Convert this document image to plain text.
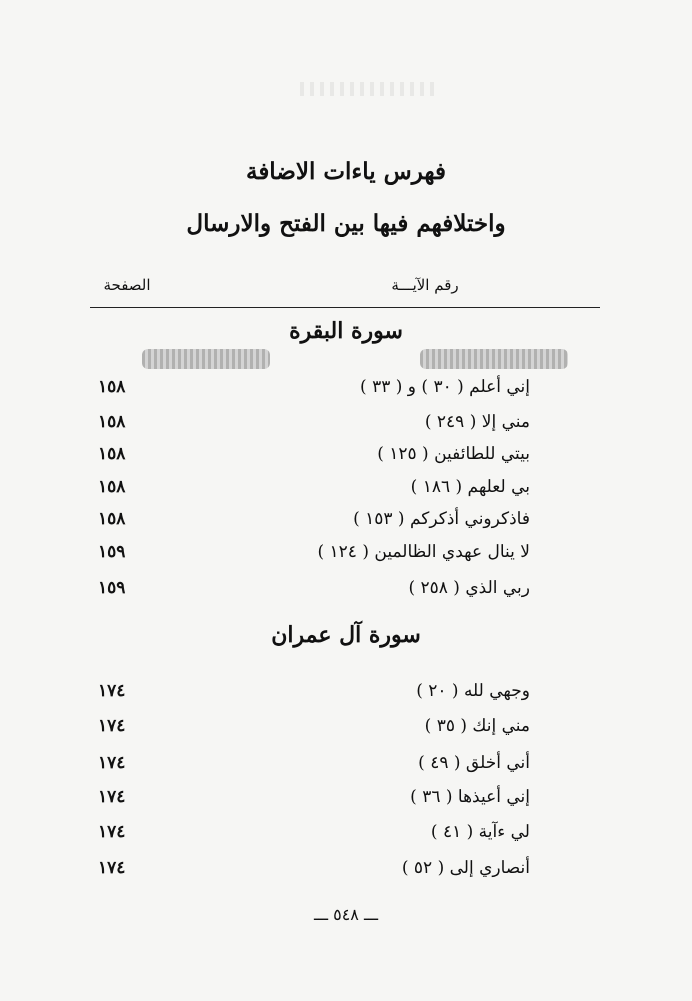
فهرس ياءات الاضافة
واختلافهم فيها بين الفتح والارسال
رقم الآيـــة
الصفحة
سورة البقرة
إني أعلم ( ٣٠ ) و ( ٣٣ )
١٥٨
مني إلا ( ٢٤٩ )
١٥٨
بيتي للطائفين ( ١٢٥ )
١٥٨
بي لعلهم ( ١٨٦ )
١٥٨
فاذكروني أذكركم ( ١٥٣ )
١٥٨
لا ينال عهدي الظالمين ( ١٢٤ )
١٥٩
ربي الذي ( ٢٥٨ )
١٥٩
سورة آل عمران
وجهي لله ( ٢٠ )
١٧٤
مني إنك ( ٣٥ )
١٧٤
أني أخلق ( ٤٩ )
١٧٤
إني أعيذها ( ٣٦ )
١٧٤
لي ءآية ( ٤١ )
١٧٤
أنصاري إلى ( ٥٢ )
١٧٤
ـــ ٥٤٨ ـــ
